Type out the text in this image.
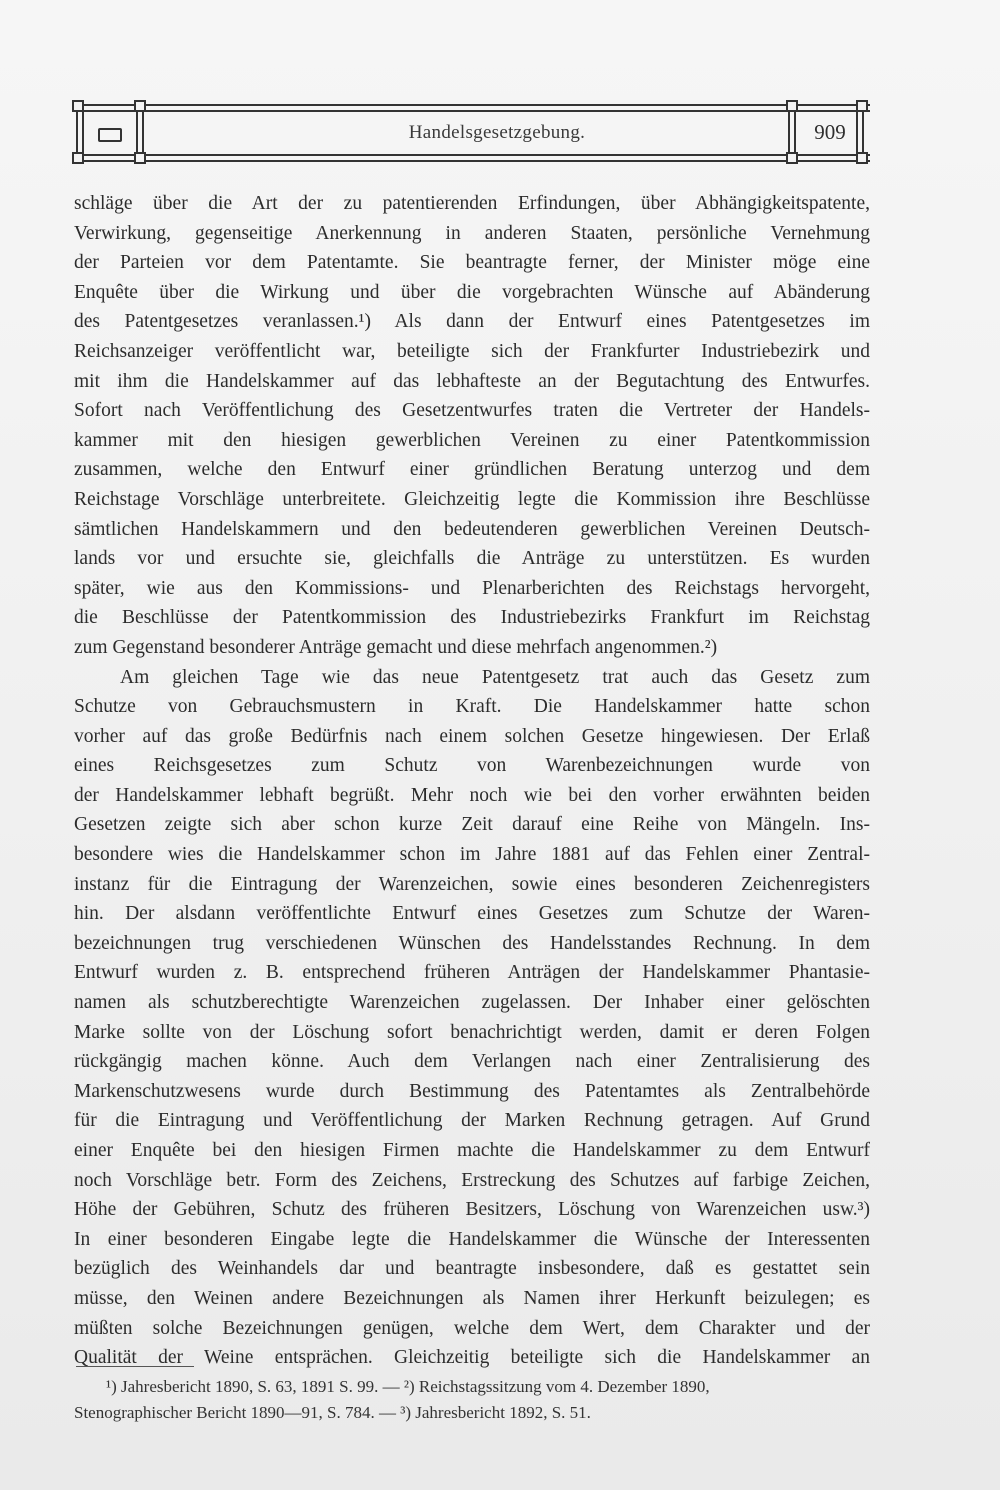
Handelsgesetzgebung.	909
schläge über die Art der zu patentierenden Erfindungen, über Abhängigkeitspatente,
Verwirkung, gegenseitige Anerkennung in anderen Staaten, persönliche Vernehmung
der Parteien vor dem Patentamte. Sie beantragte ferner, der Minister möge eine
Enquête über die Wirkung und über die vorgebrachten Wünsche auf Abänderung
des Patentgesetzes veranlassen.¹) Als dann der Entwurf eines Patentgesetzes im
Reichsanzeiger veröffentlicht war, beteiligte sich der Frankfurter Industriebezirk und
mit ihm die Handelskammer auf das lebhafteste an der Begutachtung des Entwurfes.
Sofort nach Veröffentlichung des Gesetzentwurfes traten die Vertreter der Handels-
kammer mit den hiesigen gewerblichen Vereinen zu einer Patentkommission
zusammen, welche den Entwurf einer gründlichen Beratung unterzog und dem
Reichstage Vorschläge unterbreitete. Gleichzeitig legte die Kommission ihre Beschlüsse
sämtlichen Handelskammern und den bedeutenderen gewerblichen Vereinen Deutsch-
lands vor und ersuchte sie, gleichfalls die Anträge zu unterstützen. Es wurden
später, wie aus den Kommissions- und Plenarberichten des Reichstags hervorgeht,
die Beschlüsse der Patentkommission des Industriebezirks Frankfurt im Reichstag
zum Gegenstand besonderer Anträge gemacht und diese mehrfach angenommen.²)
Am gleichen Tage wie das neue Patentgesetz trat auch das Gesetz zum
Schutze von Gebrauchsmustern in Kraft. Die Handelskammer hatte schon
vorher auf das große Bedürfnis nach einem solchen Gesetze hingewiesen. Der Erlaß
eines Reichsgesetzes zum Schutz von Warenbezeichnungen wurde von
der Handelskammer lebhaft begrüßt. Mehr noch wie bei den vorher erwähnten beiden
Gesetzen zeigte sich aber schon kurze Zeit darauf eine Reihe von Mängeln. Ins-
besondere wies die Handelskammer schon im Jahre 1881 auf das Fehlen einer Zentral-
instanz für die Eintragung der Warenzeichen, sowie eines besonderen Zeichenregisters
hin. Der alsdann veröffentlichte Entwurf eines Gesetzes zum Schutze der Waren-
bezeichnungen trug verschiedenen Wünschen des Handelsstandes Rechnung. In dem
Entwurf wurden z. B. entsprechend früheren Anträgen der Handelskammer Phantasie-
namen als schutzberechtigte Warenzeichen zugelassen. Der Inhaber einer gelöschten
Marke sollte von der Löschung sofort benachrichtigt werden, damit er deren Folgen
rückgängig machen könne. Auch dem Verlangen nach einer Zentralisierung des
Markenschutzwesens wurde durch Bestimmung des Patentamtes als Zentralbehörde
für die Eintragung und Veröffentlichung der Marken Rechnung getragen. Auf Grund
einer Enquête bei den hiesigen Firmen machte die Handelskammer zu dem Entwurf
noch Vorschläge betr. Form des Zeichens, Erstreckung des Schutzes auf farbige Zeichen,
Höhe der Gebühren, Schutz des früheren Besitzers, Löschung von Warenzeichen usw.³)
In einer besonderen Eingabe legte die Handelskammer die Wünsche der Interessenten
bezüglich des Weinhandels dar und beantragte insbesondere, daß es gestattet sein
müsse, den Weinen andere Bezeichnungen als Namen ihrer Herkunft beizulegen; es
müßten solche Bezeichnungen genügen, welche dem Wert, dem Charakter und der
Qualität der Weine entsprächen. Gleichzeitig beteiligte sich die Handelskammer an
¹) Jahresbericht 1890, S. 63, 1891 S. 99. — ²) Reichstagssitzung vom 4. Dezember 1890,
Stenographischer Bericht 1890—91, S. 784. — ³) Jahresbericht 1892, S. 51.
